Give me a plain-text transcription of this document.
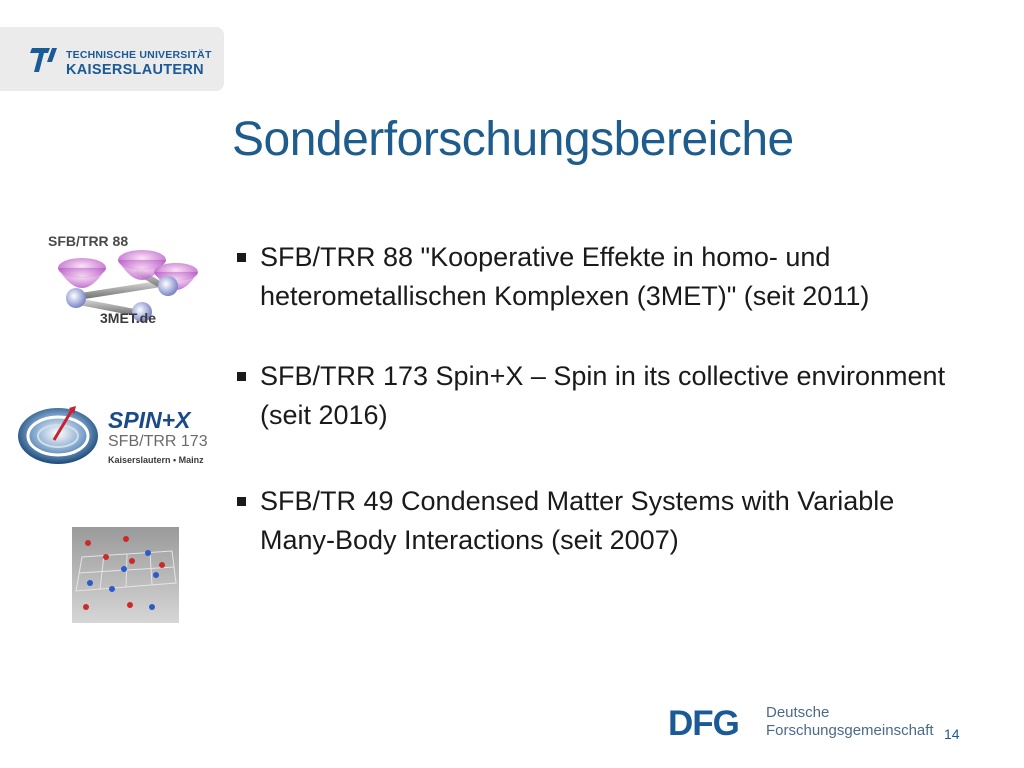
TECHNISCHE UNIVERSITÄT
KAISERSLAUTERN
Sonderforschungsbereiche
SFB/TRR 88
3MET.de
SPIN+X
SFB/TRR 173
Kaiserslautern • Mainz
SFB/TRR 88 "Kooperative Effekte in homo- und heterometallischen Komplexen (3MET)" (seit 2011)
SFB/TRR 173 Spin+X – Spin in its collective environment (seit 2016)
SFB/TR 49 Condensed Matter Systems with Variable Many-Body Interactions (seit 2007)
DFG Deutsche
Forschungsgemeinschaft 14
